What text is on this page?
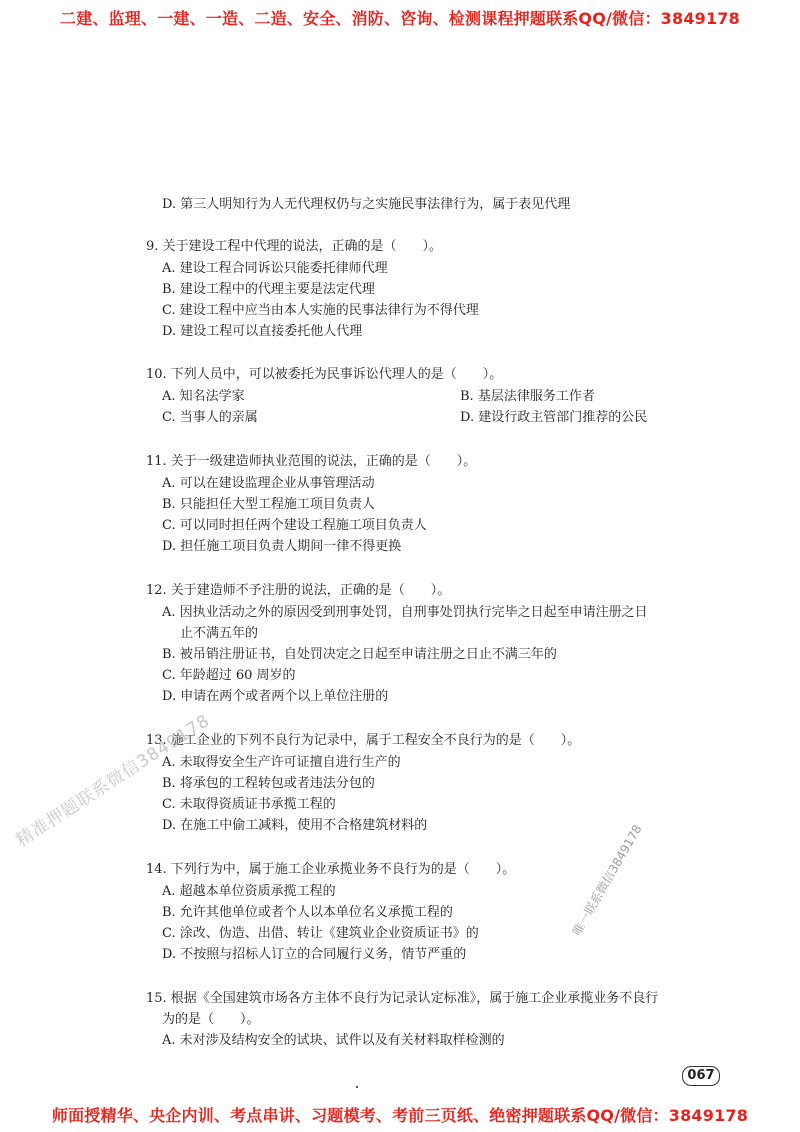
二建、监理、一建、一造、二造、安全、消防、咨询、检测课程押题联系QQ/微信：3849178
D. 第三人明知行为人无代理权仍与之实施民事法律行为，属于表见代理
9. 关于建设工程中代理的说法，正确的是（　　）。
A. 建设工程合同诉讼只能委托律师代理
B. 建设工程中的代理主要是法定代理
C. 建设工程中应当由本人实施的民事法律行为不得代理
D. 建设工程可以直接委托他人代理
10. 下列人员中，可以被委托为民事诉讼代理人的是（　　）。
A. 知名法学家	B. 基层法律服务工作者
C. 当事人的亲属	D. 建设行政主管部门推荐的公民
11. 关于一级建造师执业范围的说法，正确的是（　　）。
A. 可以在建设监理企业从事管理活动
B. 只能担任大型工程施工项目负责人
C. 可以同时担任两个建设工程施工项目负责人
D. 担任施工项目负责人期间一律不得更换
12. 关于建造师不予注册的说法，正确的是（　　）。
A. 因执业活动之外的原因受到刑事处罚，自刑事处罚执行完毕之日起至申请注册之日
止不满五年的
B. 被吊销注册证书，自处罚决定之日起至申请注册之日止不满三年的
C. 年龄超过 60 周岁的
D. 申请在两个或者两个以上单位注册的
13. 施工企业的下列不良行为记录中，属于工程安全不良行为的是（　　）。
A. 未取得安全生产许可证擅自进行生产的
B. 将承包的工程转包或者违法分包的
C. 未取得资质证书承揽工程的
D. 在施工中偷工减料，使用不合格建筑材料的
14. 下列行为中，属于施工企业承揽业务不良行为的是（　　）。
A. 超越本单位资质承揽工程的
B. 允许其他单位或者个人以本单位名义承揽工程的
C. 涂改、伪造、出借、转让《建筑业企业资质证书》的
D. 不按照与招标人订立的合同履行义务，情节严重的
15. 根据《全国建筑市场各方主体不良行为记录认定标准》，属于施工企业承揽业务不良行
为的是（　　）。
A. 未对涉及结构安全的试块、试件以及有关材料取样检测的
精准押题联系微信3849178
唯一联系微信3849178
067
师面授精华、央企内训、考点串讲、习题模考、考前三页纸、绝密押题联系QQ/微信：3849178
